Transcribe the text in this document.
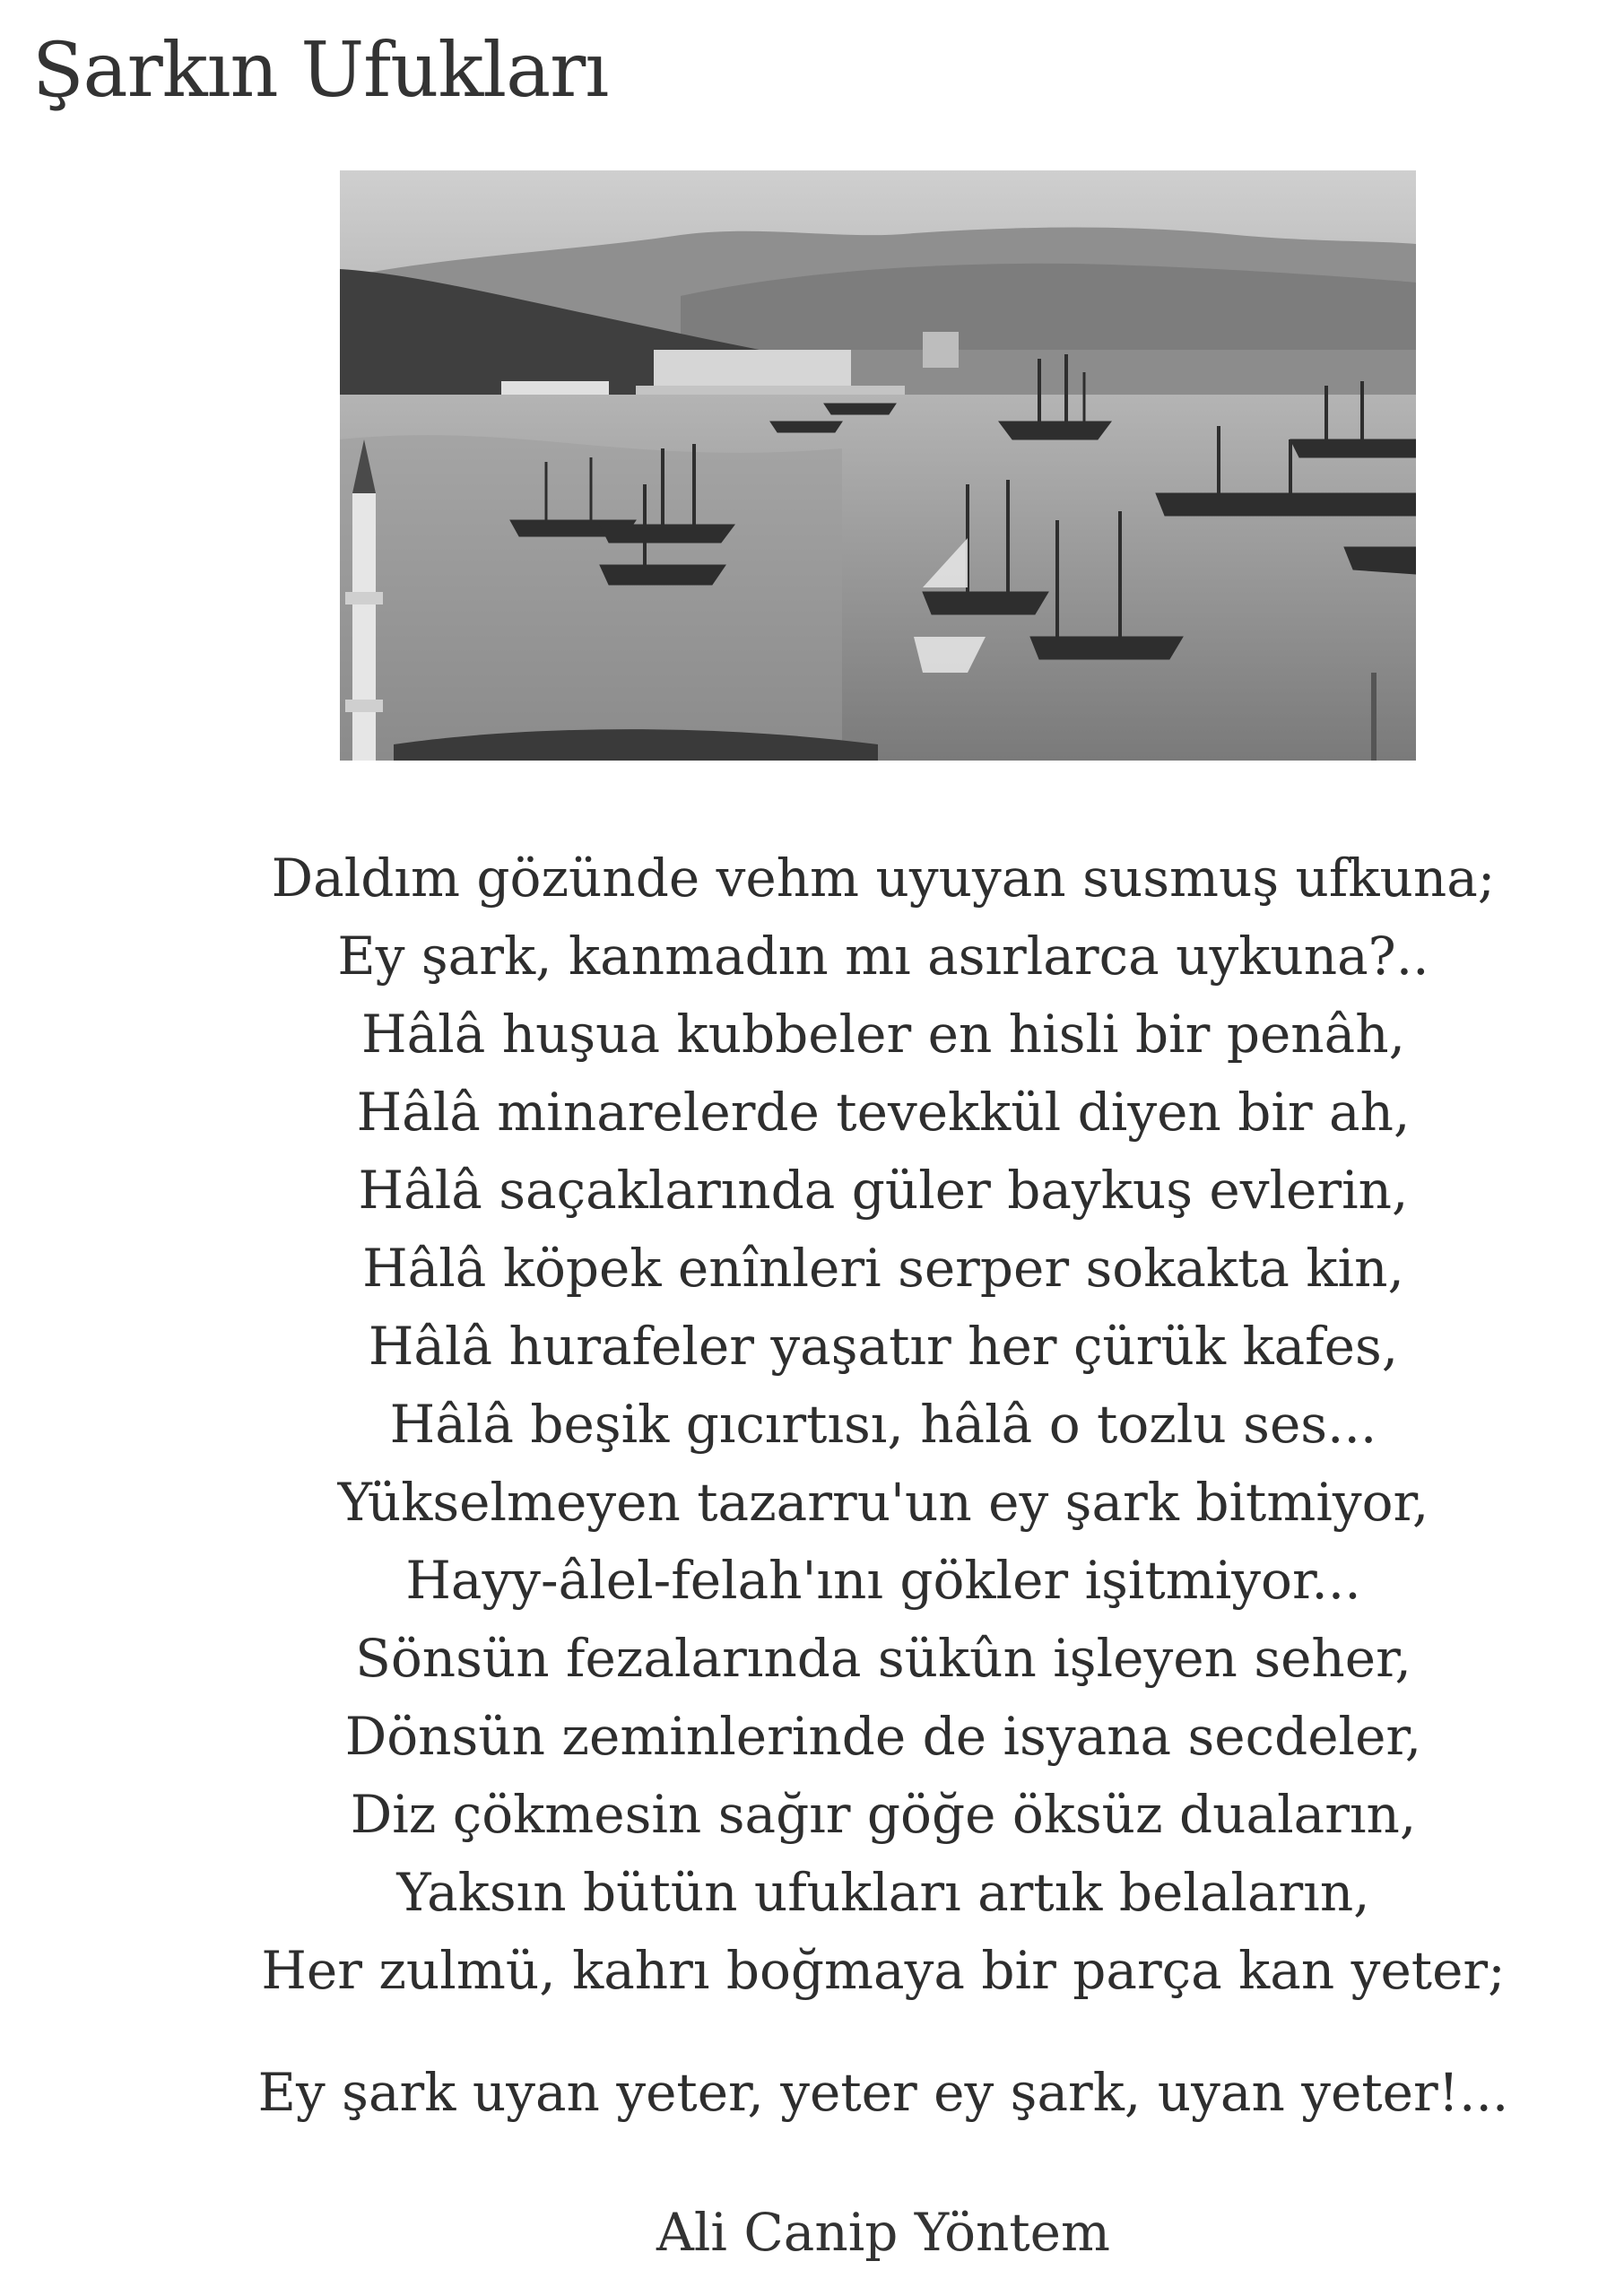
Şarkın Ufukları
Daldım gözünde vehm uyuyan susmuş ufkuna;
Ey şark, kanmadın mı asırlarca uykuna?..
Hâlâ huşua kubbeler en hisli bir penâh,
Hâlâ minarelerde tevekkül diyen bir ah,
Hâlâ saçaklarında güler baykuş evlerin,
Hâlâ köpek enînleri serper sokakta kin,
Hâlâ hurafeler yaşatır her çürük kafes,
Hâlâ beşik gıcırtısı, hâlâ o tozlu ses...
Yükselmeyen tazarru'un ey şark bitmiyor,
Hayy-âlel-felah'ını gökler işitmiyor...
Sönsün fezalarında sükûn işleyen seher,
Dönsün zeminlerinde de isyana secdeler,
Diz çökmesin sağır göğe öksüz duaların,
Yaksın bütün ufukları artık belaların,
Her zulmü, kahrı boğmaya bir parça kan yeter;
Ey şark uyan yeter, yeter ey şark, uyan yeter!...
Ali Canip Yöntem
